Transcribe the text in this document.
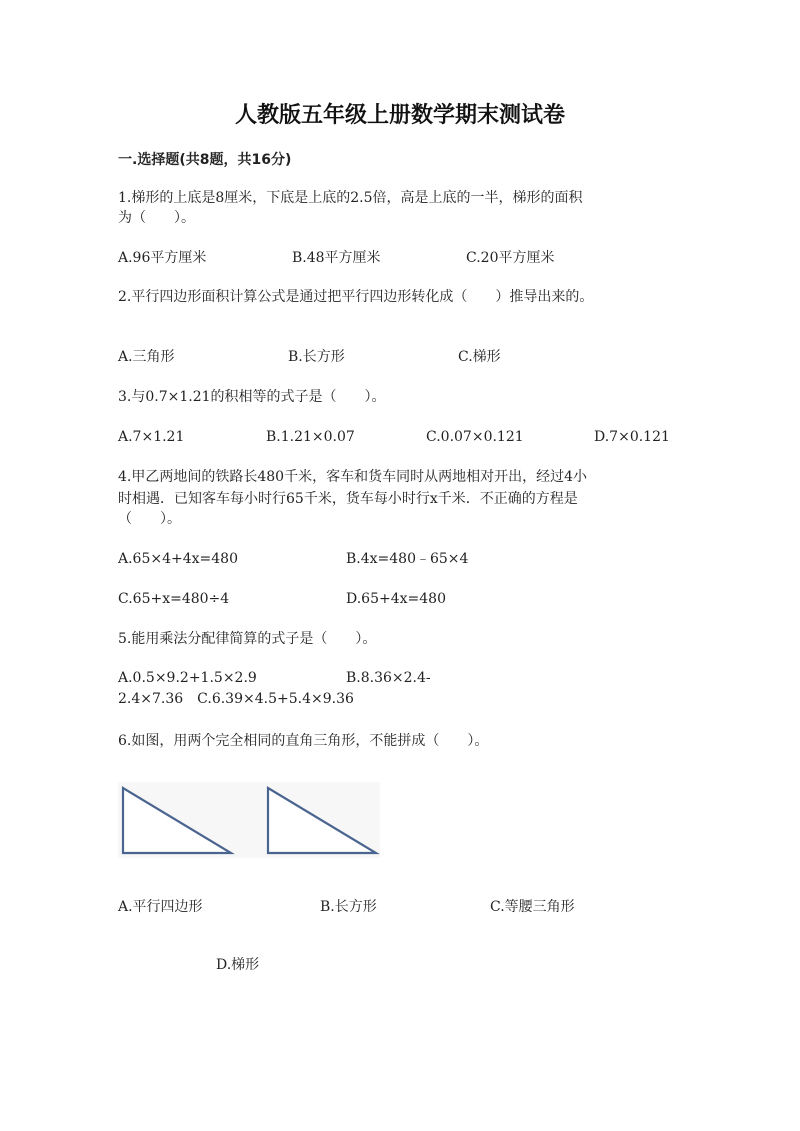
人教版五年级上册数学期末测试卷
一.选择题(共8题，共16分)
1.梯形的上底是8厘米，下底是上底的2.5倍，高是上底的一半，梯形的面积
为（　　）。
A.96平方厘米	B.48平方厘米	C.20平方厘米
2.平行四边形面积计算公式是通过把平行四边形转化成（　　）推导出来的。
A.三角形	B.长方形	C.梯形
3.与0.7×1.21的积相等的式子是（　　）。
A.7×1.21	B.1.21×0.07	C.0.07×0.121	D.7×0.121
4.甲乙两地间的铁路长480千米，客车和货车同时从两地相对开出，经过4小
时相遇．已知客车每小时行65千米，货车每小时行x千米．不正确的方程是
（　　）。
A.65×4+4x=480	B.4x=480﹣65×4
C.65+x=480÷4	D.65+4x=480
5.能用乘法分配律简算的式子是（　　）。
A.0.5×9.2+1.5×2.9	B.8.36×2.4-
2.4×7.36　C.6.39×4.5+5.4×9.36
6.如图，用两个完全相同的直角三角形，不能拼成（　　）。
A.平行四边形	B.长方形	C.等腰三角形
D.梯形
